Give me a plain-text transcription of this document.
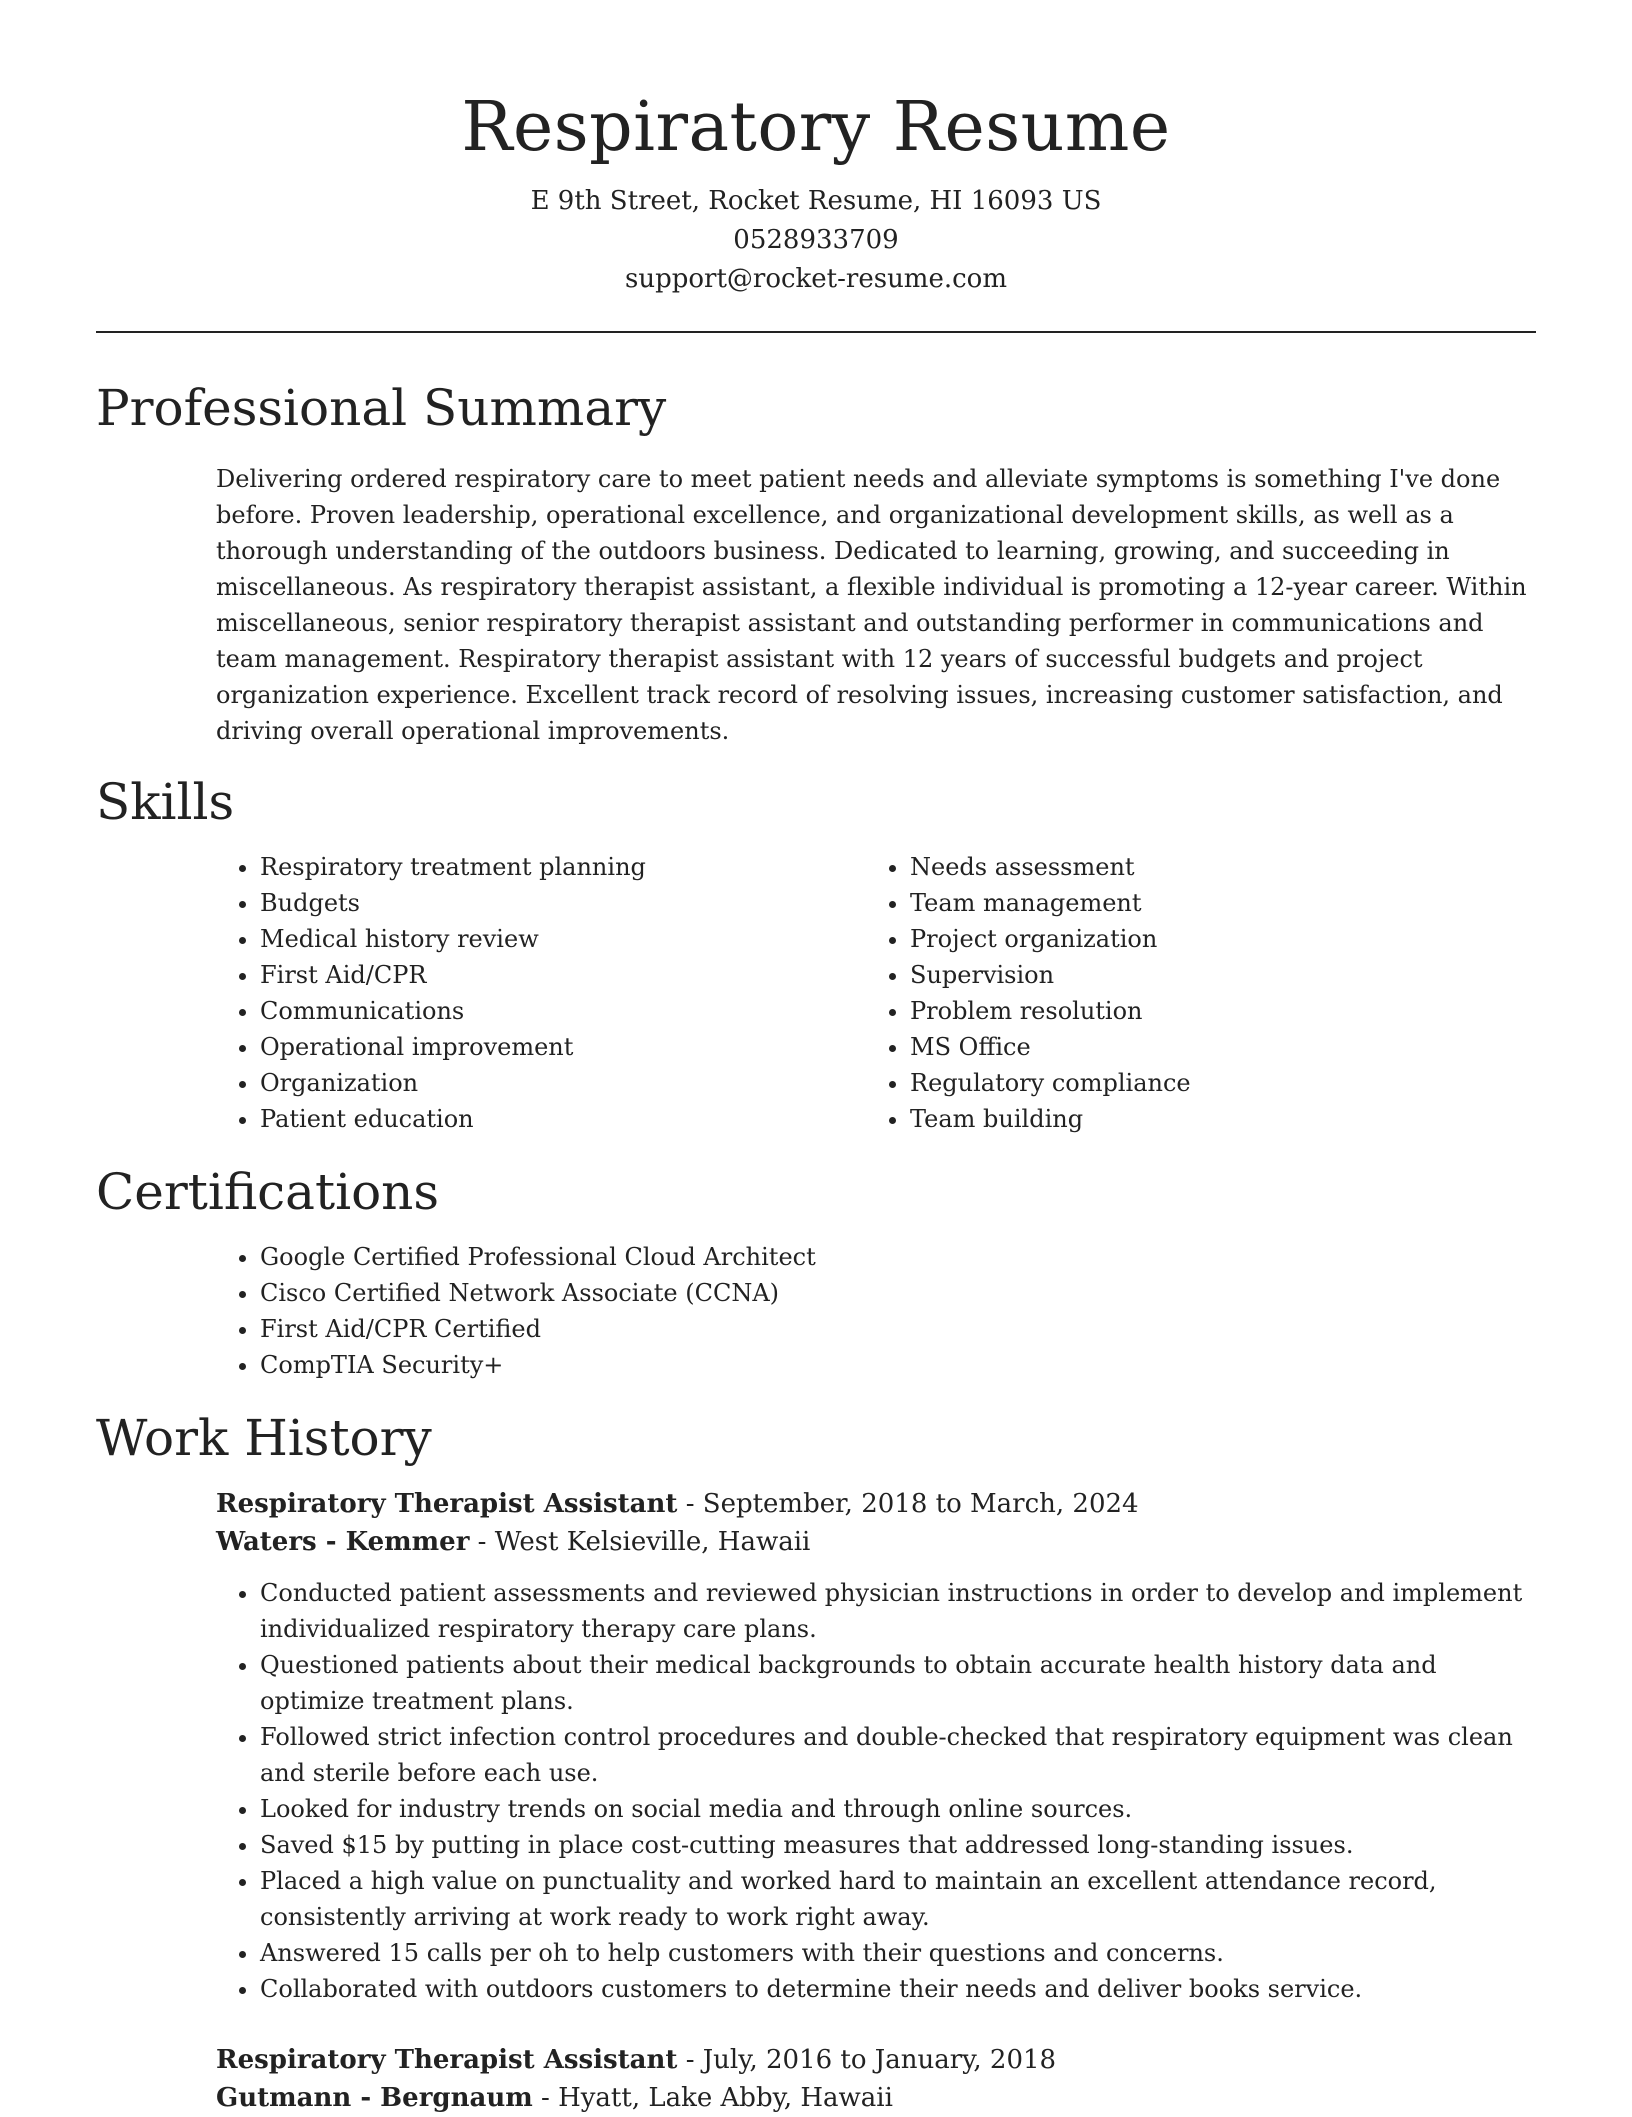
Respiratory Resume
E 9th Street, Rocket Resume, HI 16093 US
0528933709
support@rocket-resume.com
Professional Summary
Delivering ordered respiratory care to meet patient needs and alleviate symptoms is something I've done before. Proven leadership, operational excellence, and organizational development skills, as well as a thorough understanding of the outdoors business. Dedicated to learning, growing, and succeeding in miscellaneous. As respiratory therapist assistant, a flexible individual is promoting a 12-year career. Within miscellaneous, senior respiratory therapist assistant and outstanding performer in communications and team management. Respiratory therapist assistant with 12 years of successful budgets and project organization experience. Excellent track record of resolving issues, increasing customer satisfaction, and driving overall operational improvements.
Skills
• Respiratory treatment planning
• Budgets
• Medical history review
• First Aid/CPR
• Communications
• Operational improvement
• Organization
• Patient education
• Needs assessment
• Team management
• Project organization
• Supervision
• Problem resolution
• MS Office
• Regulatory compliance
• Team building
Certifications
• Google Certified Professional Cloud Architect
• Cisco Certified Network Associate (CCNA)
• First Aid/CPR Certified
• CompTIA Security+
Work History
Respiratory Therapist Assistant - September, 2018 to March, 2024
Waters - Kemmer - West Kelsieville, Hawaii
• Conducted patient assessments and reviewed physician instructions in order to develop and implement individualized respiratory therapy care plans.
• Questioned patients about their medical backgrounds to obtain accurate health history data and optimize treatment plans.
• Followed strict infection control procedures and double-checked that respiratory equipment was clean and sterile before each use.
• Looked for industry trends on social media and through online sources.
• Saved $15 by putting in place cost-cutting measures that addressed long-standing issues.
• Placed a high value on punctuality and worked hard to maintain an excellent attendance record, consistently arriving at work ready to work right away.
• Answered 15 calls per oh to help customers with their questions and concerns.
• Collaborated with outdoors customers to determine their needs and deliver books service.
Respiratory Therapist Assistant - July, 2016 to January, 2018
Gutmann - Bergnaum - Hyatt, Lake Abby, Hawaii
